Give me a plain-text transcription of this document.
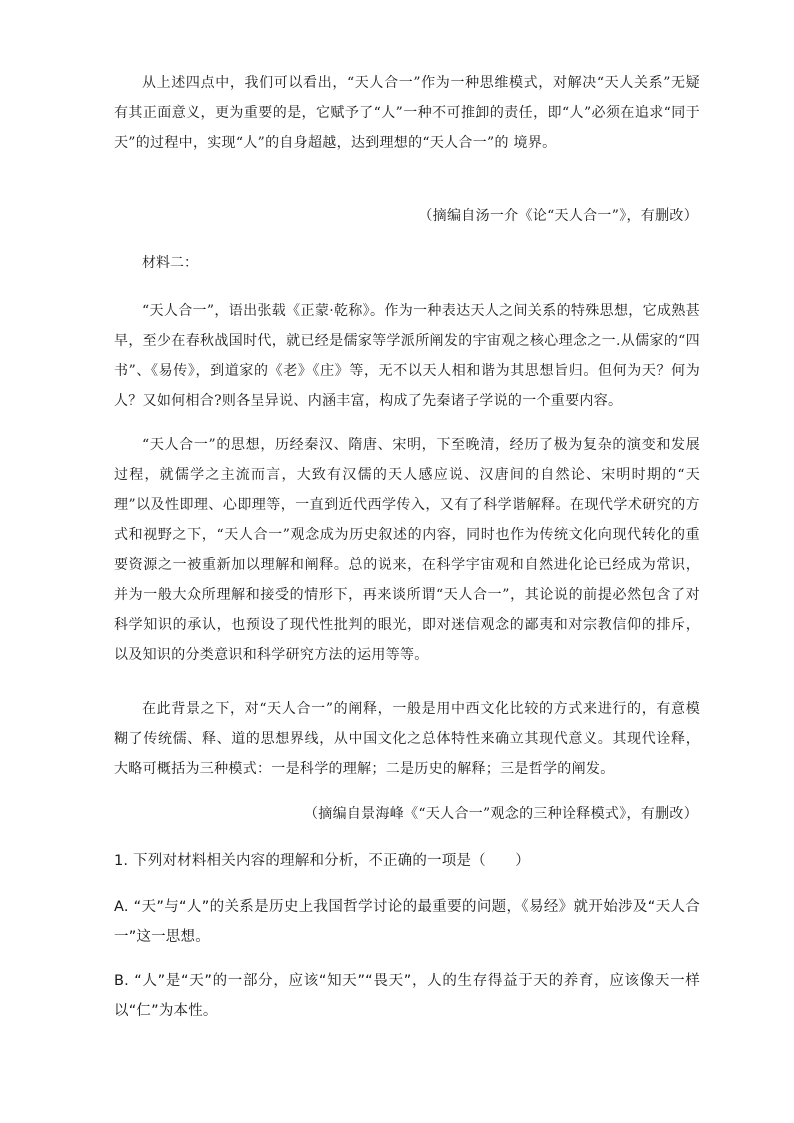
从上述四点中，我们可以看出，“天人合一”作为一种思维模式，对解决“天人关系”无疑有其正面意义，更为重要的是，它赋予了“人”一种不可推卸的责任，即“人”必须在追求“同于天”的过程中，实现“人”的自身超越，达到理想的“天人合一”的 境界。

（摘编自汤一介《论“天人合一”》，有删改）

材料二：

“天人合一”，语出张载《正蒙·乾称》。作为一种表达天人之间关系的特殊思想，它成熟甚早，至少在春秋战国时代，就已经是儒家等学派所阐发的宇宙观之核心理念之一.从儒家的“四书”、《易传》，到道家的《老》《庄》等，无不以天人相和谐为其思想旨归。但何为天？何为人？又如何相合?则各呈异说、内涵丰富，构成了先秦诸子学说的一个重要内容。

“天人合一”的思想，历经秦汉、隋唐、宋明，下至晚清，经历了极为复杂的演变和发展过程，就儒学之主流而言，大致有汉儒的天人感应说、汉唐间的自然论、宋明时期的“天理”以及性即理、心即理等，一直到近代西学传入，又有了科学谐解释。在现代学术研究的方式和视野之下，“天人合一”观念成为历史叙述的内容，同时也作为传统文化向现代转化的重要资源之一被重新加以理解和阐释。总的说来，在科学宇宙观和自然进化论已经成为常识，并为一般大众所理解和接受的情形下，再来谈所谓“天人合一”，其论说的前提必然包含了对科学知识的承认，也预设了现代性批判的眼光，即对迷信观念的鄙夷和对宗教信仰的排斥，以及知识的分类意识和科学研究方法的运用等等。

在此背景之下，对“天人合一”的阐释，一般是用中西文化比较的方式来进行的，有意模糊了传统儒、释、道的思想界线，从中国文化之总体特性来确立其现代意义。其现代诠释，大略可概括为三种模式：一是科学的理解；二是历史的解释；三是哲学的阐发。

（摘编自景海峰《“天人合一”观念的三种诠释模式》，有删改）

1. 下列对材料相关内容的理解和分析，不正确的一项是（　　）

A. “天”与“人”的关系是历史上我国哲学讨论的最重要的问题，《易经》就开始涉及“天人合一”这一思想。

B. “人”是“天”的一部分，应该“知天”“畏天”，人的生存得益于天的养育，应该像天一样以“仁”为本性。
